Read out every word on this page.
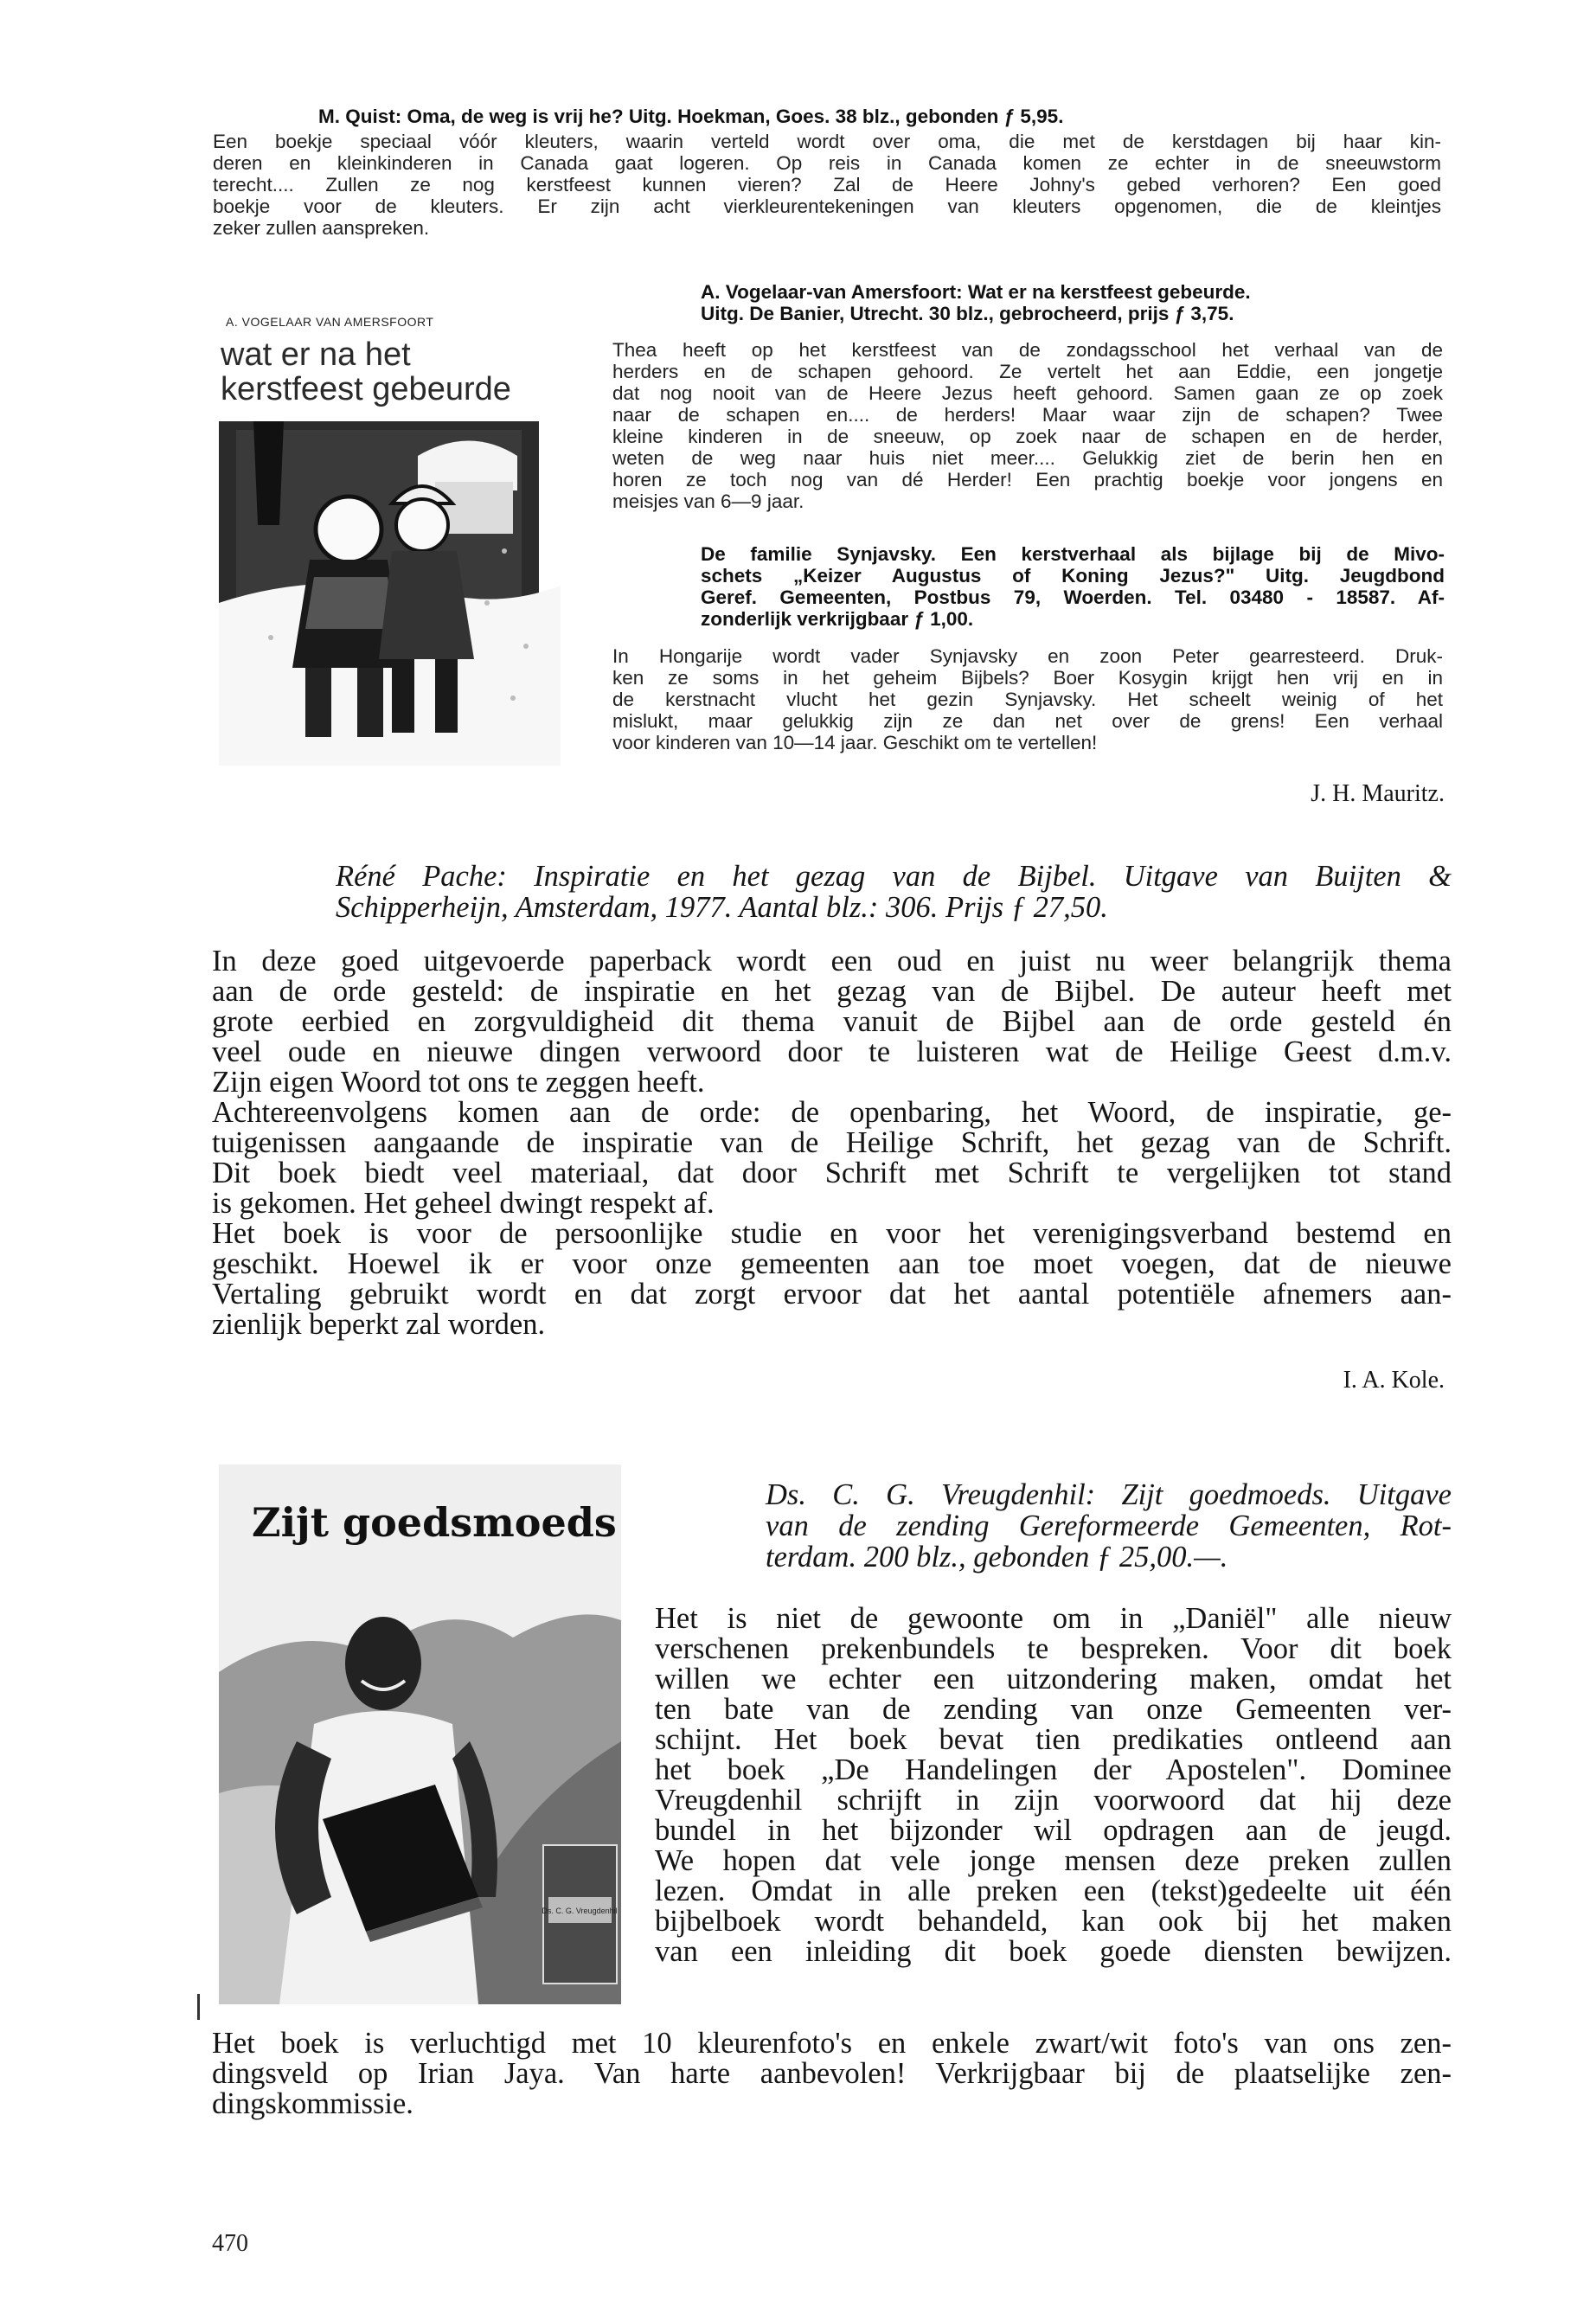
M. Quist: Oma, de weg is vrij he? Uitg. Hoekman, Goes. 38 blz., gebonden ƒ 5,95.

Een boekje speciaal vóór kleuters, waarin verteld wordt over oma, die met de kerstdagen bij haar kin-

deren en kleinkinderen in Canada gaat logeren. Op reis in Canada komen ze echter in de sneeuwstorm

terecht.... Zullen ze nog kerstfeest kunnen vieren? Zal de Heere Johny's gebed verhoren? Een goed

boekje voor de kleuters. Er zijn acht vierkleurentekeningen van kleuters opgenomen, die de kleintjes

zeker zullen aanspreken.

A. VOGELAAR VAN AMERSFOORT
wat er na het
kerstfeest gebeurde

A. Vogelaar-van Amersfoort: Wat er na kerstfeest gebeurde.

Uitg. De Banier, Utrecht. 30 blz., gebrocheerd, prijs ƒ 3,75.

Thea heeft op het kerstfeest van de zondagsschool het verhaal van de

herders en de schapen gehoord. Ze vertelt het aan Eddie, een jongetje

dat nog nooit van de Heere Jezus heeft gehoord. Samen gaan ze op zoek

naar de schapen en.... de herders! Maar waar zijn de schapen? Twee

kleine kinderen in de sneeuw, op zoek naar de schapen en de herder,

weten de weg naar huis niet meer.... Gelukkig ziet de berin hen en

horen ze toch nog van dé Herder! Een prachtig boekje voor jongens en

meisjes van 6—9 jaar.

De familie Synjavsky. Een kerstverhaal als bijlage bij de Mivo-

schets „Keizer Augustus of Koning Jezus?" Uitg. Jeugdbond

Geref. Gemeenten, Postbus 79, Woerden. Tel. 03480 - 18587. Af-

zonderlijk verkrijgbaar ƒ 1,00.

In Hongarije wordt vader Synjavsky en zoon Peter gearresteerd. Druk-

ken ze soms in het geheim Bijbels? Boer Kosygin krijgt hen vrij en in

de kerstnacht vlucht het gezin Synjavsky. Het scheelt weinig of het

mislukt, maar gelukkig zijn ze dan net over de grens! Een verhaal

voor kinderen van 10—14 jaar. Geschikt om te vertellen!

J. H. Mauritz.

Réné Pache: Inspiratie en het gezag van de Bijbel. Uitgave van Buijten &

Schipperheijn, Amsterdam, 1977. Aantal blz.: 306. Prijs ƒ 27,50.

In deze goed uitgevoerde paperback wordt een oud en juist nu weer belangrijk thema

aan de orde gesteld: de inspiratie en het gezag van de Bijbel. De auteur heeft met

grote eerbied en zorgvuldigheid dit thema vanuit de Bijbel aan de orde gesteld én

veel oude en nieuwe dingen verwoord door te luisteren wat de Heilige Geest d.m.v.

Zijn eigen Woord tot ons te zeggen heeft.

Achtereenvolgens komen aan de orde: de openbaring, het Woord, de inspiratie, ge-

tuigenissen aangaande de inspiratie van de Heilige Schrift, het gezag van de Schrift.

Dit boek biedt veel materiaal, dat door Schrift met Schrift te vergelijken tot stand

is gekomen. Het geheel dwingt respekt af.

Het boek is voor de persoonlijke studie en voor het verenigingsverband bestemd en

geschikt. Hoewel ik er voor onze gemeenten aan toe moet voegen, dat de nieuwe

Vertaling gebruikt wordt en dat zorgt ervoor dat het aantal potentiële afnemers aan-

zienlijk beperkt zal worden.

I. A. Kole.
Zijt goedsmoeds
Ds. C. G. Vreugdenhil

Ds. C. G. Vreugdenhil: Zijt goedmoeds. Uitgave

van de zending Gereformeerde Gemeenten, Rot-

terdam. 200 blz., gebonden ƒ 25,00.—.

Het is niet de gewoonte om in „Daniël" alle nieuw

verschenen prekenbundels te bespreken. Voor dit boek

willen we echter een uitzondering maken, omdat het

ten bate van de zending van onze Gemeenten ver-

schijnt. Het boek bevat tien predikaties ontleend aan

het boek „De Handelingen der Apostelen". Dominee

Vreugdenhil schrijft in zijn voorwoord dat hij deze

bundel in het bijzonder wil opdragen aan de jeugd.

We hopen dat vele jonge mensen deze preken zullen

lezen. Omdat in alle preken een (tekst)gedeelte uit één

bijbelboek wordt behandeld, kan ook bij het maken

van een inleiding dit boek goede diensten bewijzen.

Het boek is verluchtigd met 10 kleurenfoto's en enkele zwart/wit foto's van ons zen-

dingsveld op Irian Jaya. Van harte aanbevolen! Verkrijgbaar bij de plaatselijke zen-

dingskommissie.

470
